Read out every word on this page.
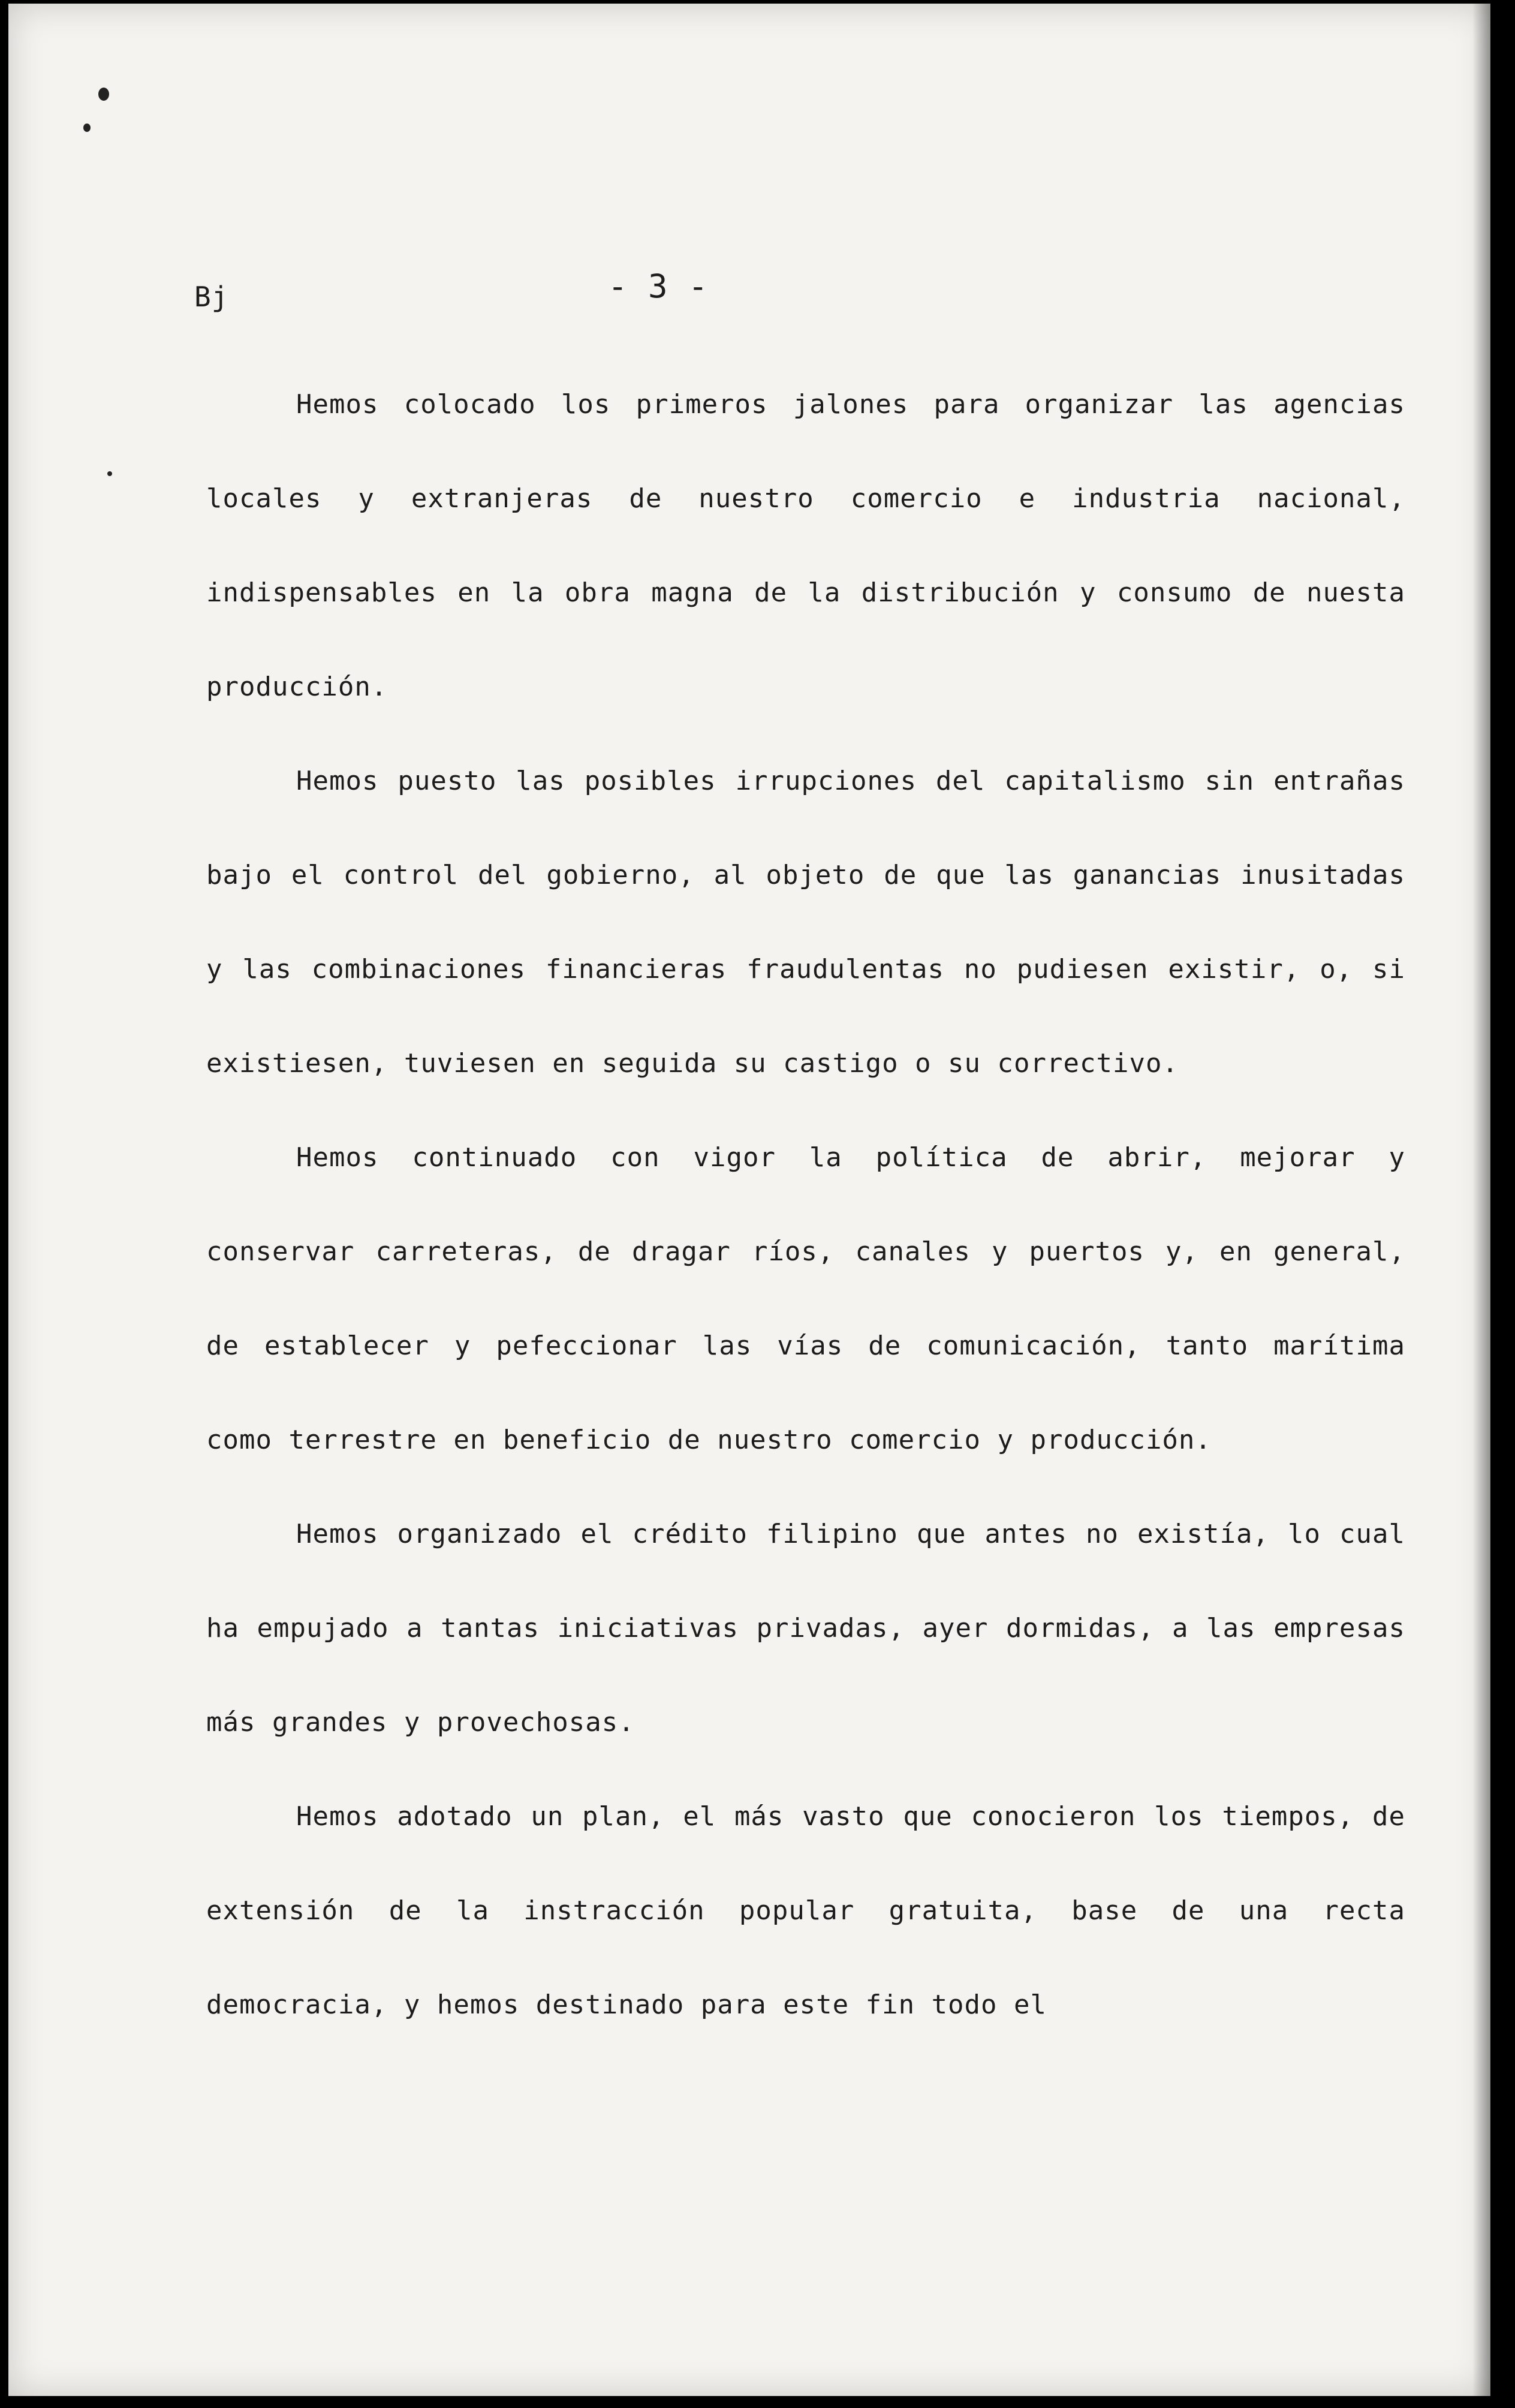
Bj	- 3 -

Hemos colocado los primeros jalones para organizar las agencias locales y extranjeras de nuestro comercio e industria nacional, indispensables en la obra magna de la distribución y consumo de nuesta producción.

Hemos puesto las posibles irrupciones del capitalismo sin entrañas bajo el control del gobierno, al objeto de que las ganancias inusitadas y las combinaciones financieras fraudulentas no pudiesen existir, o, si existiesen, tuviesen en seguida su castigo o su correctivo.

Hemos continuado con vigor la política de abrir, mejorar y conservar carreteras, de dragar ríos, canales y puertos y, en general, de establecer y pefeccionar las vías de comunicación, tanto marítima como terrestre en beneficio de nuestro comercio y producción.

Hemos organizado el crédito filipino que antes no existía, lo cual ha empujado a tantas iniciativas privadas, ayer dormidas, a las empresas más grandes y provechosas.

Hemos adotado un plan, el más vasto que conocieron los tiempos, de extensión de la instracción popular gratuita, base de una recta democracia, y hemos destinado para este fin todo el
